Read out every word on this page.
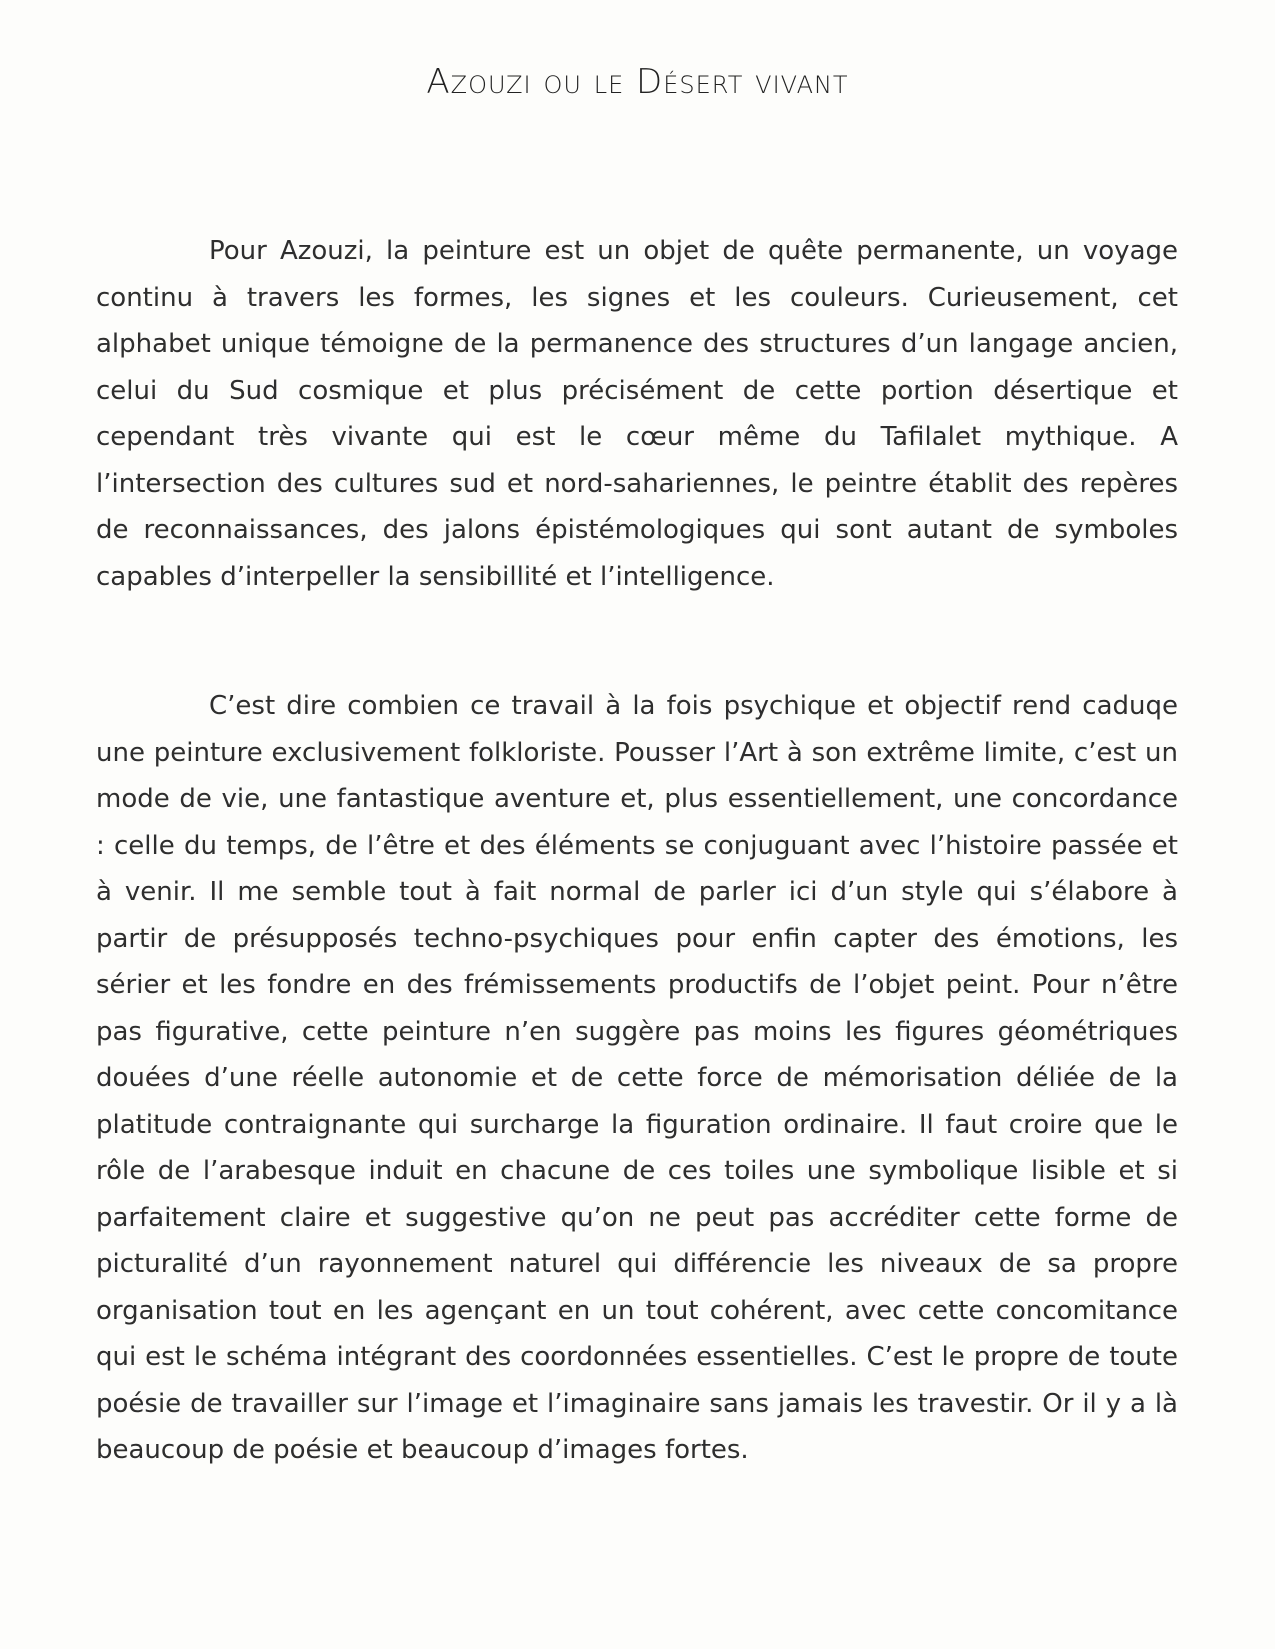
Azouzi ou le Désert vivant

Pour Azouzi, la peinture est un objet de quête permanente, un voyage continu à travers les formes, les signes et les couleurs. Curieusement, cet alphabet unique témoigne de la permanence des structures d’un langage ancien, celui du Sud cosmique et plus précisément de cette portion désertique et cependant très vivante qui est le cœur même du Tafilalet mythique. A l’intersection des cultures sud et nord-sahariennes, le peintre établit des repères de reconnaissances, des jalons épistémologiques qui sont autant de symboles capables d’interpeller la sensibillité et l’intelligence.

C’est dire combien ce travail à la fois psychique et objectif rend caduqe une peinture exclusivement folkloriste. Pousser l’Art à son extrême limite, c’est un mode de vie, une fantastique aventure et, plus essentiellement, une concordance : celle du temps, de l’être et des éléments se conjuguant avec l’histoire passée et à venir. Il me semble tout à fait normal de parler ici d’un style qui s’élabore à partir de présupposés techno-psychiques pour enfin capter des émotions, les sérier et les fondre en des frémissements productifs de l’objet peint. Pour n’être pas figurative, cette peinture n’en suggère pas moins les figures géométriques douées d’une réelle autonomie et de cette force de mémorisation déliée de la platitude contraignante qui surcharge la figuration ordinaire. Il faut croire que le rôle de l’arabesque induit en chacune de ces toiles une symbolique lisible et si parfaitement claire et suggestive qu’on ne peut pas accréditer cette forme de picturalité d’un rayonnement naturel qui différencie les niveaux de sa propre organisation tout en les agençant en un tout cohérent, avec cette concomitance qui est le schéma intégrant des coordonnées essentielles. C’est le propre de toute poésie de travailler sur l’image et l’imaginaire sans jamais les travestir. Or il y a là beaucoup de poésie et beaucoup d’images fortes.
